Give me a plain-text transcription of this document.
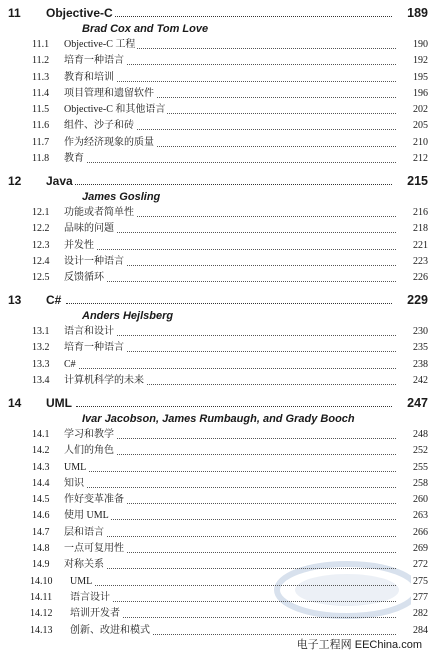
11	Objective-C	189
Brad Cox and Tom Love
11.1 Objective-C 工程	190
11.2 培育一种语言	192
11.3 教育和培训	195
11.4 项目管理和遗留软件	196
11.5 Objective-C 和其他语言	202
11.6 组件、沙子和砖	205
11.7 作为经济现象的质量	210
11.8 教育	212
12	Java	215
James Gosling
12.1 功能或者简单性	216
12.2 品味的问题	218
12.3 并发性	221
12.4 设计一种语言	223
12.5 反馈循环	226
13	C#	229
Anders Hejlsberg
13.1 语言和设计	230
13.2 培育一种语言	235
13.3 C#	238
13.4 计算机科学的未来	242
14	UML	247
Ivar Jacobson, James Rumbaugh, and Grady Booch
14.1 学习和教学	248
14.2 人们的角色	252
14.3 UML	255
14.4 知识	258
14.5 作好变革准备	260
14.6 使用 UML	263
14.7 层和语言	266
14.8 一点可复用性	269
14.9 对称关系	272
14.10 UML	275
14.11 语言设计	277
14.12 培训开发者	282
14.13 创新、改进和模式	284
电子工程网 EEChina.com
